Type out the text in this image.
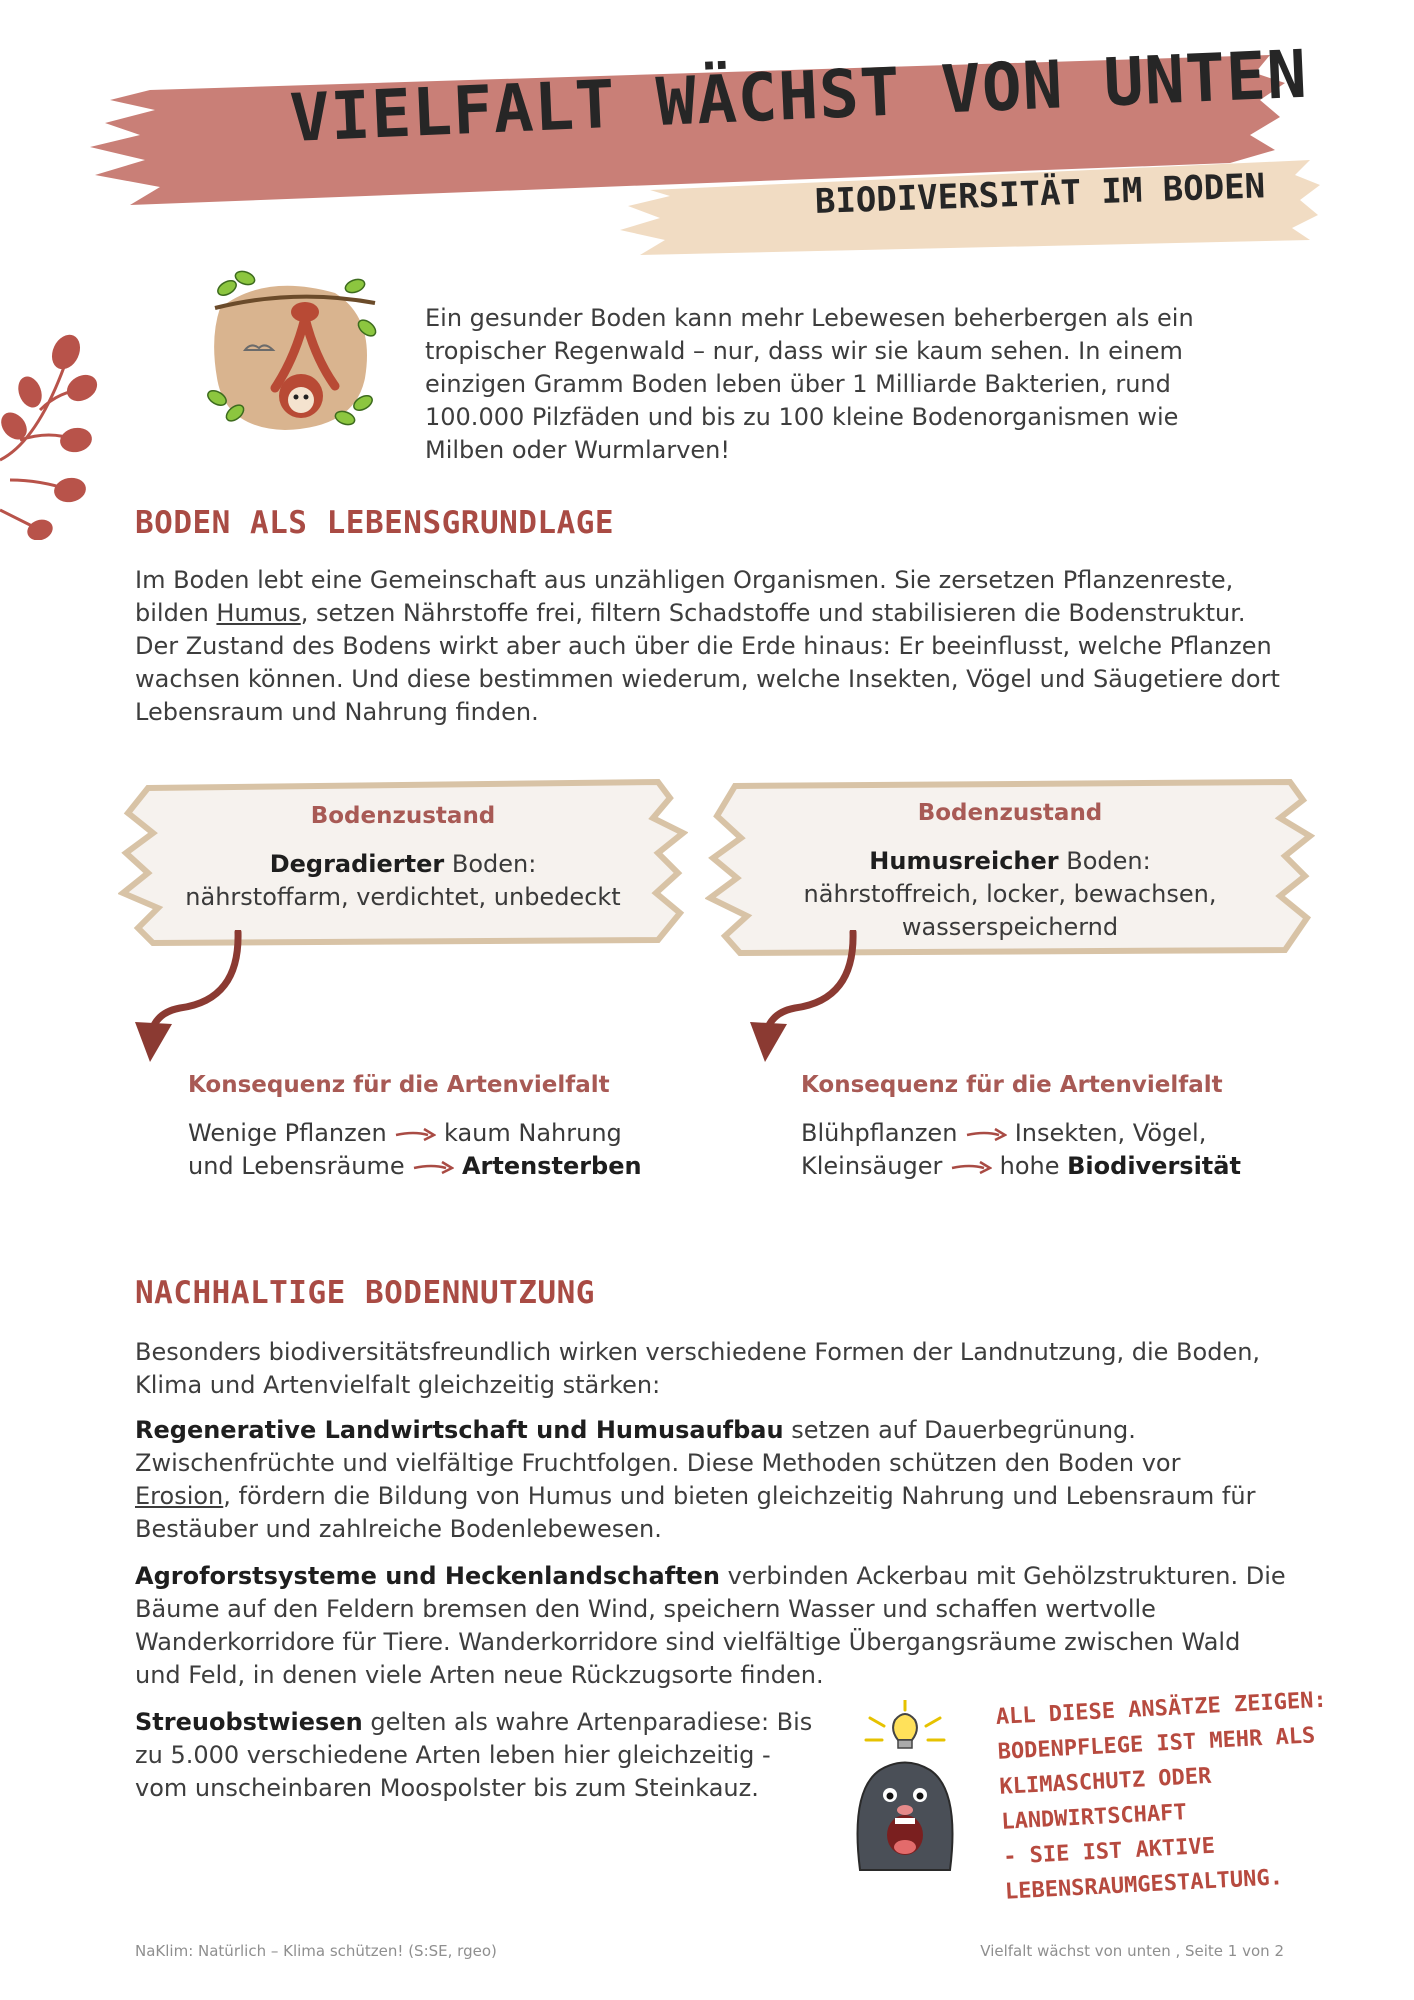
VIELFALT WÄCHST VON UNTEN
BIODIVERSITÄT IM BODEN
Ein gesunder Boden kann mehr Lebewesen beherbergen als ein
tropischer Regenwald – nur, dass wir sie kaum sehen. In einem
einzigen Gramm Boden leben über 1 Milliarde Bakterien, rund
100.000 Pilzfäden und bis zu 100 kleine Bodenorganismen wie
Milben oder Wurmlarven!
BODEN ALS LEBENSGRUNDLAGE
Im Boden lebt eine Gemeinschaft aus unzähligen Organismen. Sie zersetzen Pflanzenreste,
bilden Humus, setzen Nährstoffe frei, filtern Schadstoffe und stabilisieren die Bodenstruktur.
Der Zustand des Bodens wirkt aber auch über die Erde hinaus: Er beeinflusst, welche Pflanzen
wachsen können. Und diese bestimmen wiederum, welche Insekten, Vögel und Säugetiere dort
Lebensraum und Nahrung finden.
Bodenzustand
Degradierter Boden:
nährstoffarm, verdichtet, unbedeckt
Bodenzustand
Humusreicher Boden:
nährstoffreich, locker, bewachsen,
wasserspeichernd
Konsequenz für die Artenvielfalt
Wenige Pflanzen kaum Nahrung
und Lebensräume Artensterben
Konsequenz für die Artenvielfalt
Blühpflanzen Insekten, Vögel,
Kleinsäuger hohe Biodiversität
NACHHALTIGE BODENNUTZUNG
Besonders biodiversitätsfreundlich wirken verschiedene Formen der Landnutzung, die Boden,
Klima und Artenvielfalt gleichzeitig stärken:
Regenerative Landwirtschaft und Humusaufbau setzen auf Dauerbegrünung.
Zwischenfrüchte und vielfältige Fruchtfolgen. Diese Methoden schützen den Boden vor
Erosion, fördern die Bildung von Humus und bieten gleichzeitig Nahrung und Lebensraum für
Bestäuber und zahlreiche Bodenlebewesen.
Agroforstsysteme und Heckenlandschaften verbinden Ackerbau mit Gehölzstrukturen. Die
Bäume auf den Feldern bremsen den Wind, speichern Wasser und schaffen wertvolle
Wanderkorridore für Tiere. Wanderkorridore sind vielfältige Übergangsräume zwischen Wald
und Feld, in denen viele Arten neue Rückzugsorte finden.
Streuobstwiesen gelten als wahre Artenparadiese: Bis
zu 5.000 verschiedene Arten leben hier gleichzeitig -
vom unscheinbaren Moospolster bis zum Steinkauz.
ALL DIESE ANSÄTZE ZEIGEN:
BODENPFLEGE IST MEHR ALS
KLIMASCHUTZ ODER LANDWIRTSCHAFT
- SIE IST AKTIVE
LEBENSRAUMGESTALTUNG.
NaKlim: Natürlich – Klima schützen! (S:SE, rgeo)	Vielfalt wächst von unten , Seite 1 von 2
